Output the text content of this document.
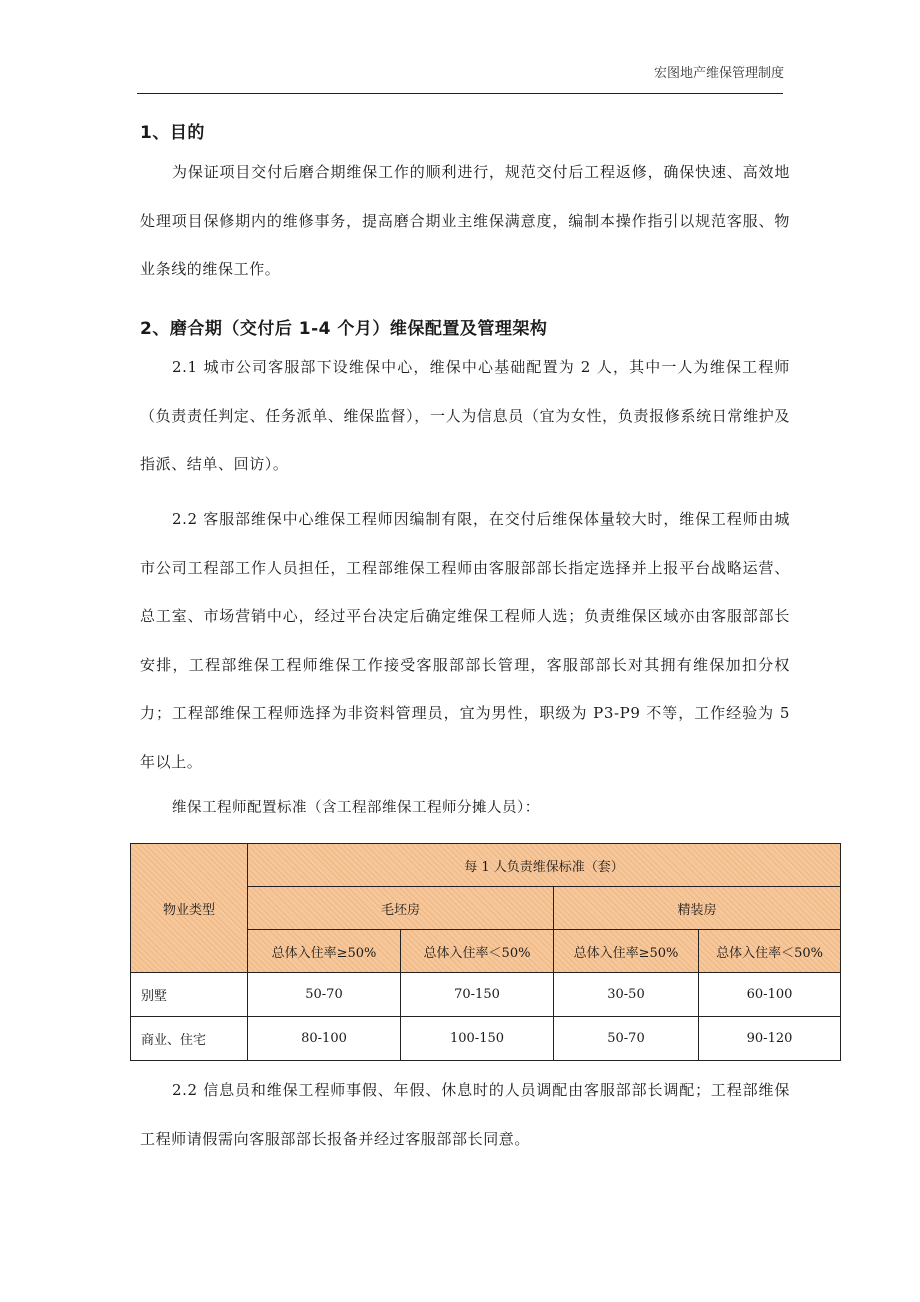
宏图地产维保管理制度
1、目的
为保证项目交付后磨合期维保工作的顺利进行，规范交付后工程返修，确保快速、高效地处理项目保修期内的维修事务，提高磨合期业主维保满意度，编制本操作指引以规范客服、物业条线的维保工作。
2、磨合期（交付后 1-4 个月）维保配置及管理架构
2.1 城市公司客服部下设维保中心，维保中心基础配置为 2 人，其中一人为维保工程师（负责责任判定、任务派单、维保监督），一人为信息员（宜为女性，负责报修系统日常维护及指派、结单、回访）。
2.2 客服部维保中心维保工程师因编制有限，在交付后维保体量较大时，维保工程师由城市公司工程部工作人员担任，工程部维保工程师由客服部部长指定选择并上报平台战略运营、总工室、市场营销中心，经过平台决定后确定维保工程师人选；负责维保区域亦由客服部部长安排，工程部维保工程师维保工作接受客服部部长管理，客服部部长对其拥有维保加扣分权力；工程部维保工程师选择为非资料管理员，宜为男性，职级为 P3-P9 不等，工作经验为 5 年以上。
维保工程师配置标准（含工程部维保工程师分摊人员）：
物业类型	每 1 人负责维保标准（套）			
	毛坯房		精装房	
	总体入住率≥50%	总体入住率＜50%	总体入住率≥50%	总体入住率＜50%
别墅	50-70	70-150	30-50	60-100
商业、住宅	80-100	100-150	50-70	90-120
2.2 信息员和维保工程师事假、年假、休息时的人员调配由客服部部长调配；工程部维保工程师请假需向客服部部长报备并经过客服部部长同意。
